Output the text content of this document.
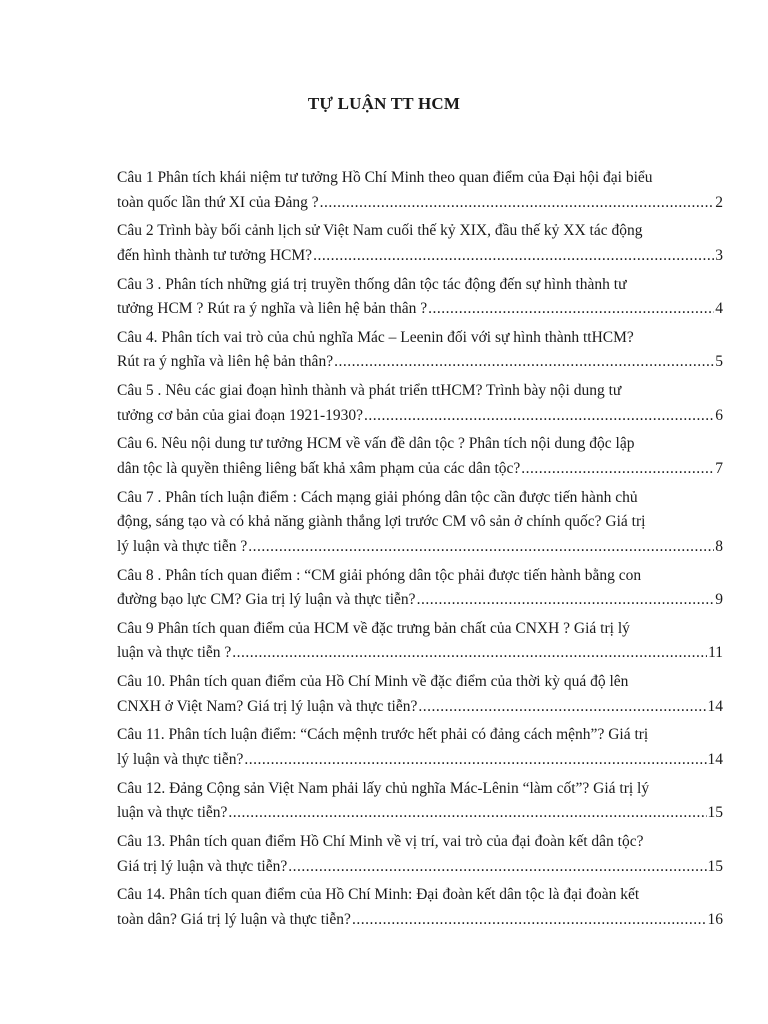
TỰ LUẬN TT HCM
Câu 1 Phân tích khái niệm tư tưởng Hồ Chí Minh theo quan điểm của Đại hội đại biểu
toàn quốc lần thứ XI của Đảng ? .....	2
Câu 2 Trình bày bối cảnh lịch sử Việt Nam cuối thế kỷ XIX, đầu thế kỷ XX tác động
đến hình thành tư tưởng HCM? .....	3
Câu 3 . Phân tích những giá trị truyền thống dân tộc tác động đến sự hình thành tư
tưởng HCM ? Rút ra ý nghĩa và liên hệ bản thân ? .....	4
Câu 4. Phân tích vai trò của chủ nghĩa Mác – Leenin đối với sự hình thành ttHCM?
Rút ra ý nghĩa và liên hệ bản thân? .....	5
Câu 5 . Nêu các giai đoạn hình thành và phát triển ttHCM? Trình bày nội dung tư
tưởng cơ bản của giai đoạn 1921-1930? .....	6
Câu 6. Nêu nội dung tư tưởng HCM về vấn đề dân tộc ? Phân tích nội dung độc lập
dân tộc là quyền thiêng liêng bất khả xâm phạm của các dân tộc? .....	7
Câu 7 . Phân tích luận điểm : Cách mạng giải phóng dân tộc cần được tiến hành chủ
động, sáng tạo và có khả năng giành thắng lợi trước CM vô sản ở chính quốc? Giá trị
lý luận và thực tiễn ? .....	8
Câu 8 . Phân tích quan điểm : “CM giải phóng dân tộc phải được tiến hành bằng con
đường bạo lực CM? Gia trị lý luận và thực tiễn? .....	9
Câu 9 Phân tích quan điểm của HCM về đặc trưng bản chất của CNXH ? Giá trị lý
luận và thực tiễn ? .....	11
Câu 10. Phân tích quan điểm của Hồ Chí Minh về đặc điểm của thời kỳ quá độ lên
CNXH ở Việt Nam? Giá trị lý luận và thực tiễn? .....	14
Câu 11. Phân tích luận điểm: “Cách mệnh trước hết phải có đảng cách mệnh”? Giá trị
lý luận và thực tiễn? .....	14
Câu 12. Đảng Cộng sản Việt Nam phải lấy chủ nghĩa Mác-Lênin “làm cốt”? Giá trị lý
luận và thực tiễn? .....	15
Câu 13. Phân tích quan điểm Hồ Chí Minh về vị trí, vai trò của đại đoàn kết dân tộc?
Giá trị lý luận và thực tiễn? .....	15
Câu 14. Phân tích quan điểm của Hồ Chí Minh: Đại đoàn kết dân tộc là đại đoàn kết
toàn dân? Giá trị lý luận và thực tiễn? .....	16
